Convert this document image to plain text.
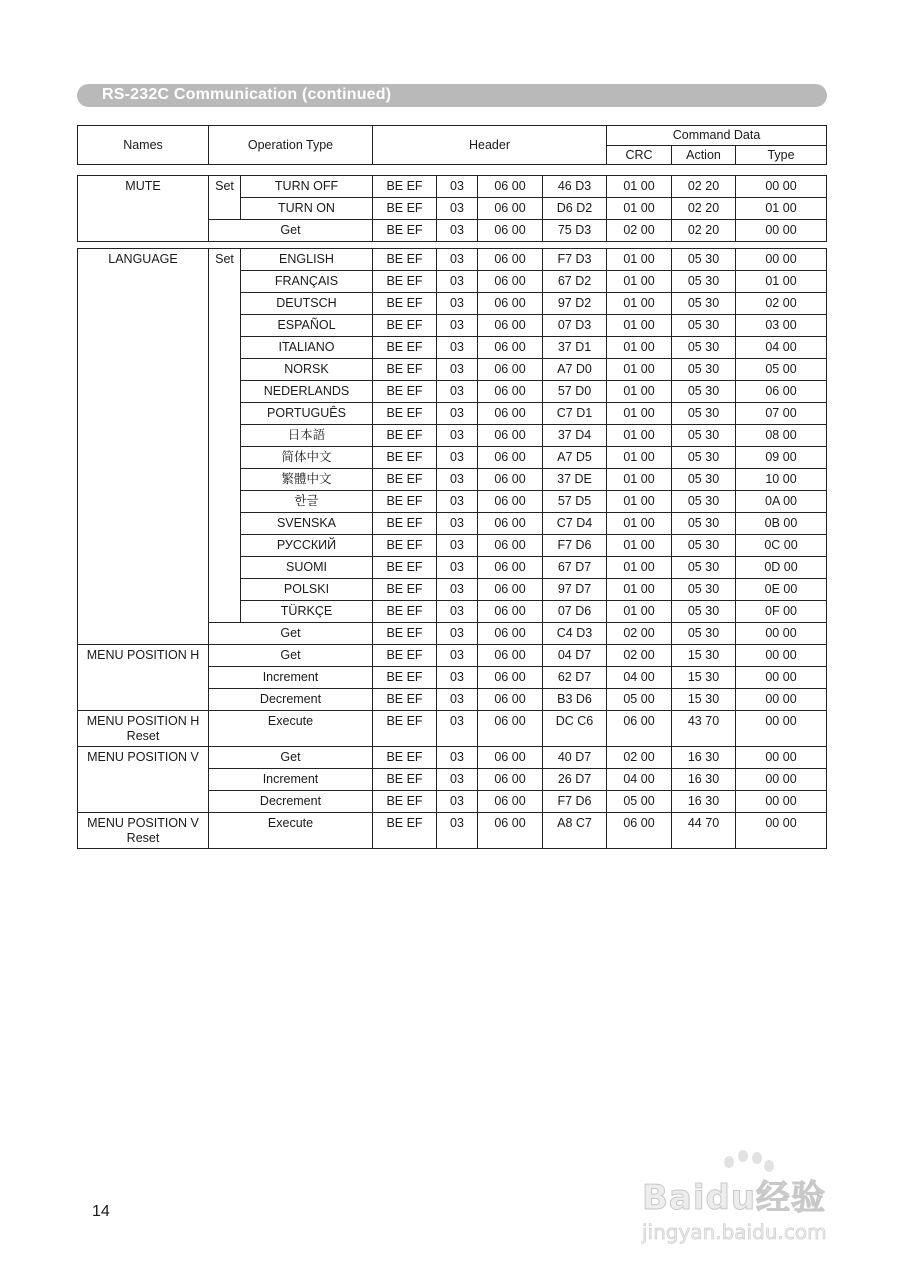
RS-232C Communication (continued)
Names	Operation Type	Header	Command Data			
			CRC	Action	Type	
MUTE	Set	TURN OFF	BE EF	03	06 00	46 D3	01 00	02 20	00 00
		TURN ON	BE EF	03	06 00	D6 D2	01 00	02 20	01 00
	Get		BE EF	03	06 00	75 D3	02 00	02 20	00 00
LANGUAGE	Set	ENGLISH	BE EF	03	06 00	F7 D3	01 00	05 30	00 00
		FRANÇAIS	BE EF	03	06 00	67 D2	01 00	05 30	01 00
		DEUTSCH	BE EF	03	06 00	97 D2	01 00	05 30	02 00
		ESPAÑOL	BE EF	03	06 00	07 D3	01 00	05 30	03 00
		ITALIANO	BE EF	03	06 00	37 D1	01 00	05 30	04 00
		NORSK	BE EF	03	06 00	A7 D0	01 00	05 30	05 00
		NEDERLANDS	BE EF	03	06 00	57 D0	01 00	05 30	06 00
		PORTUGUÊS	BE EF	03	06 00	C7 D1	01 00	05 30	07 00
		日本語	BE EF	03	06 00	37 D4	01 00	05 30	08 00
		简体中文	BE EF	03	06 00	A7 D5	01 00	05 30	09 00
		繁體中文	BE EF	03	06 00	37 DE	01 00	05 30	10 00
		한글	BE EF	03	06 00	57 D5	01 00	05 30	0A 00
		SVENSKA	BE EF	03	06 00	C7 D4	01 00	05 30	0B 00
		РУССКИЙ	BE EF	03	06 00	F7 D6	01 00	05 30	0C 00
		SUOMI	BE EF	03	06 00	67 D7	01 00	05 30	0D 00
		POLSKI	BE EF	03	06 00	97 D7	01 00	05 30	0E 00
		TÜRKÇE	BE EF	03	06 00	07 D6	01 00	05 30	0F 00
	Get		BE EF	03	06 00	C4 D3	02 00	05 30	00 00
MENU POSITION H	Get		BE EF	03	06 00	04 D7	02 00	15 30	00 00
	Increment		BE EF	03	06 00	62 D7	04 00	15 30	00 00
	Decrement		BE EF	03	06 00	B3 D6	05 00	15 30	00 00
MENU POSITION H Reset	Execute		BE EF	03	06 00	DC C6	06 00	43 70	00 00
MENU POSITION V	Get		BE EF	03	06 00	40 D7	02 00	16 30	00 00
	Increment		BE EF	03	06 00	26 D7	04 00	16 30	00 00
	Decrement		BE EF	03	06 00	F7 D6	05 00	16 30	00 00
MENU POSITION V Reset	Execute		BE EF	03	06 00	A8 C7	06 00	44 70	00 00
14	Baidu经验
jingyan.baidu.com
